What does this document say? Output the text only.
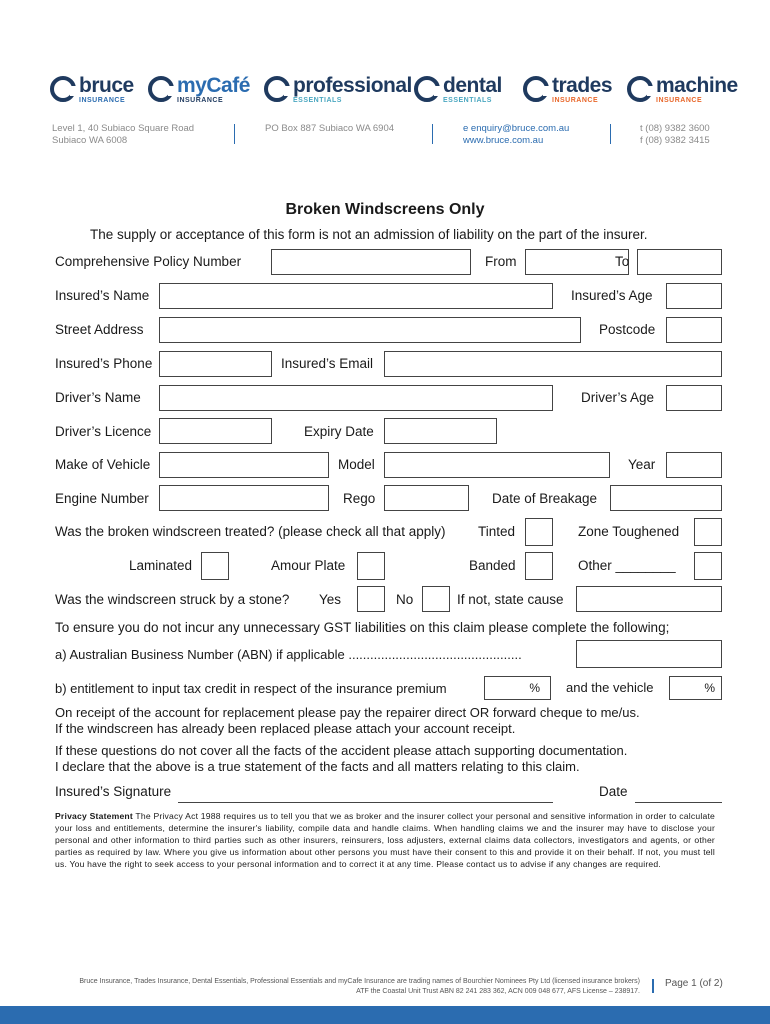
bruce
INSURANCE
myCafé
INSURANCE
professional
ESSENTIALS
dental
ESSENTIALS
trades
INSURANCE
machine
INSURANCE
Level 1, 40 Subiaco Square Road
Subiaco WA 6008
PO Box 887 Subiaco WA 6904	e enquiry@bruce.com.au
www.bruce.com.au
t (08) 9382 3600
f (08) 9382 3415
Broken Windscreens Only
The supply or acceptance of this form is not an admission of liability on the part of the insurer.
Comprehensive Policy Number	From	To
Insured’s Name	Insured’s Age
Street Address	Postcode
Insured’s Phone	Insured’s Email
Driver’s Name	Driver’s Age
Driver’s Licence	Expiry Date
Make of Vehicle	Model	Year
Engine Number	Rego	Date of Breakage
Was the broken windscreen treated? (please check all that apply) Tinted	Zone Toughened
Laminated	Amour Plate	Banded	Other ________
Was the windscreen struck by a stone? Yes	No	If not, state cause
To ensure you do not incur any unnecessary GST liabilities on this claim please complete the following;
a) Australian Business Number (ABN) if applicable ................................................
b) entitlement to input tax credit in respect of the insurance premium	%	and the vehicle	%
On receipt of the account for replacement please pay the repairer direct OR forward cheque to me/us.
If the windscreen has already been replaced please attach your account receipt.
If these questions do not cover all the facts of the accident please attach supporting documentation.
I declare that the above is a true statement of the facts and all matters relating to this claim.
Insured’s Signature	Date
Privacy Statement The Privacy Act 1988 requires us to tell you that we as broker and the insurer collect your personal and sensitive information in order to calculate your loss and entitlements, determine the insurer's liability, compile data and handle claims. When handling claims we and the insurer may have to disclose your personal and other information to third parties such as other insurers, reinsurers, loss adjusters, external claims data collectors, investigators and agents, or other parties as required by law. Where you give us information about other persons you must have their consent to this and provide it on their behalf. If not, you must tell us. You have the right to seek access to your personal information and to correct it at any time. Please contact us to advise if any changes are required.
Bruce Insurance, Trades Insurance, Dental Essentials, Professional Essentials and myCafe Insurance are trading names of Bourchier Nominees Pty Ltd (licensed insurance brokers)
ATF the Coastal Unit Trust ABN 82 241 283 362, ACN 009 048 677, AFS License – 238917.
Page 1 (of 2)
